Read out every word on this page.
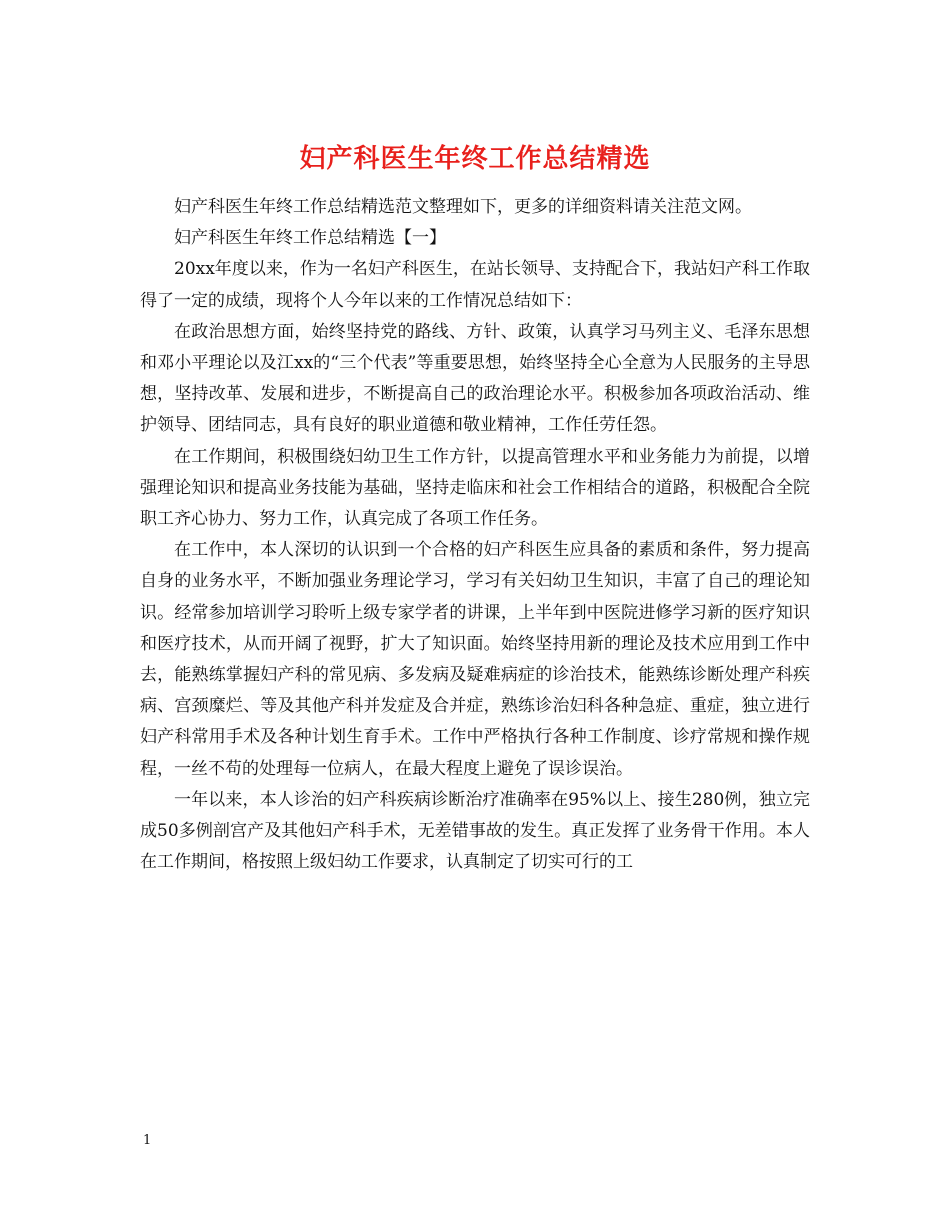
妇产科医生年终工作总结精选

妇产科医生年终工作总结精选范文整理如下，更多的详细资料请关注范文网。

妇产科医生年终工作总结精选【一】

20xx年度以来，作为一名妇产科医生，在站长领导、支持配合下，我站妇产科工作取得了一定的成绩，现将个人今年以来的工作情况总结如下：

在政治思想方面，始终坚持党的路线、方针、政策，认真学习马列主义、毛泽东思想和邓小平理论以及江xx的“三个代表”等重要思想，始终坚持全心全意为人民服务的主导思想，坚持改革、发展和进步，不断提高自己的政治理论水平。积极参加各项政治活动、维护领导、团结同志，具有良好的职业道德和敬业精神，工作任劳任怨。

在工作期间，积极围绕妇幼卫生工作方针，以提高管理水平和业务能力为前提，以增强理论知识和提高业务技能为基础，坚持走临床和社会工作相结合的道路，积极配合全院职工齐心协力、努力工作，认真完成了各项工作任务。

在工作中，本人深切的认识到一个合格的妇产科医生应具备的素质和条件，努力提高自身的业务水平，不断加强业务理论学习，学习有关妇幼卫生知识，丰富了自己的理论知识。经常参加培训学习聆听上级专家学者的讲课，上半年到中医院进修学习新的医疗知识和医疗技术，从而开阔了视野，扩大了知识面。始终坚持用新的理论及技术应用到工作中去，能熟练掌握妇产科的常见病、多发病及疑难病症的诊治技术，能熟练诊断处理产科疾病、宫颈糜烂、等及其他产科并发症及合并症，熟练诊治妇科各种急症、重症，独立进行妇产科常用手术及各种计划生育手术。工作中严格执行各种工作制度、诊疗常规和操作规程，一丝不苟的处理每一位病人，在最大程度上避免了误诊误治。

一年以来，本人诊治的妇产科疾病诊断治疗准确率在95%以上、接生280例，独立完成50多例剖宫产及其他妇产科手术，无差错事故的发生。真正发挥了业务骨干作用。本人在工作期间，格按照上级妇幼工作要求，认真制定了切实可行的工

1
